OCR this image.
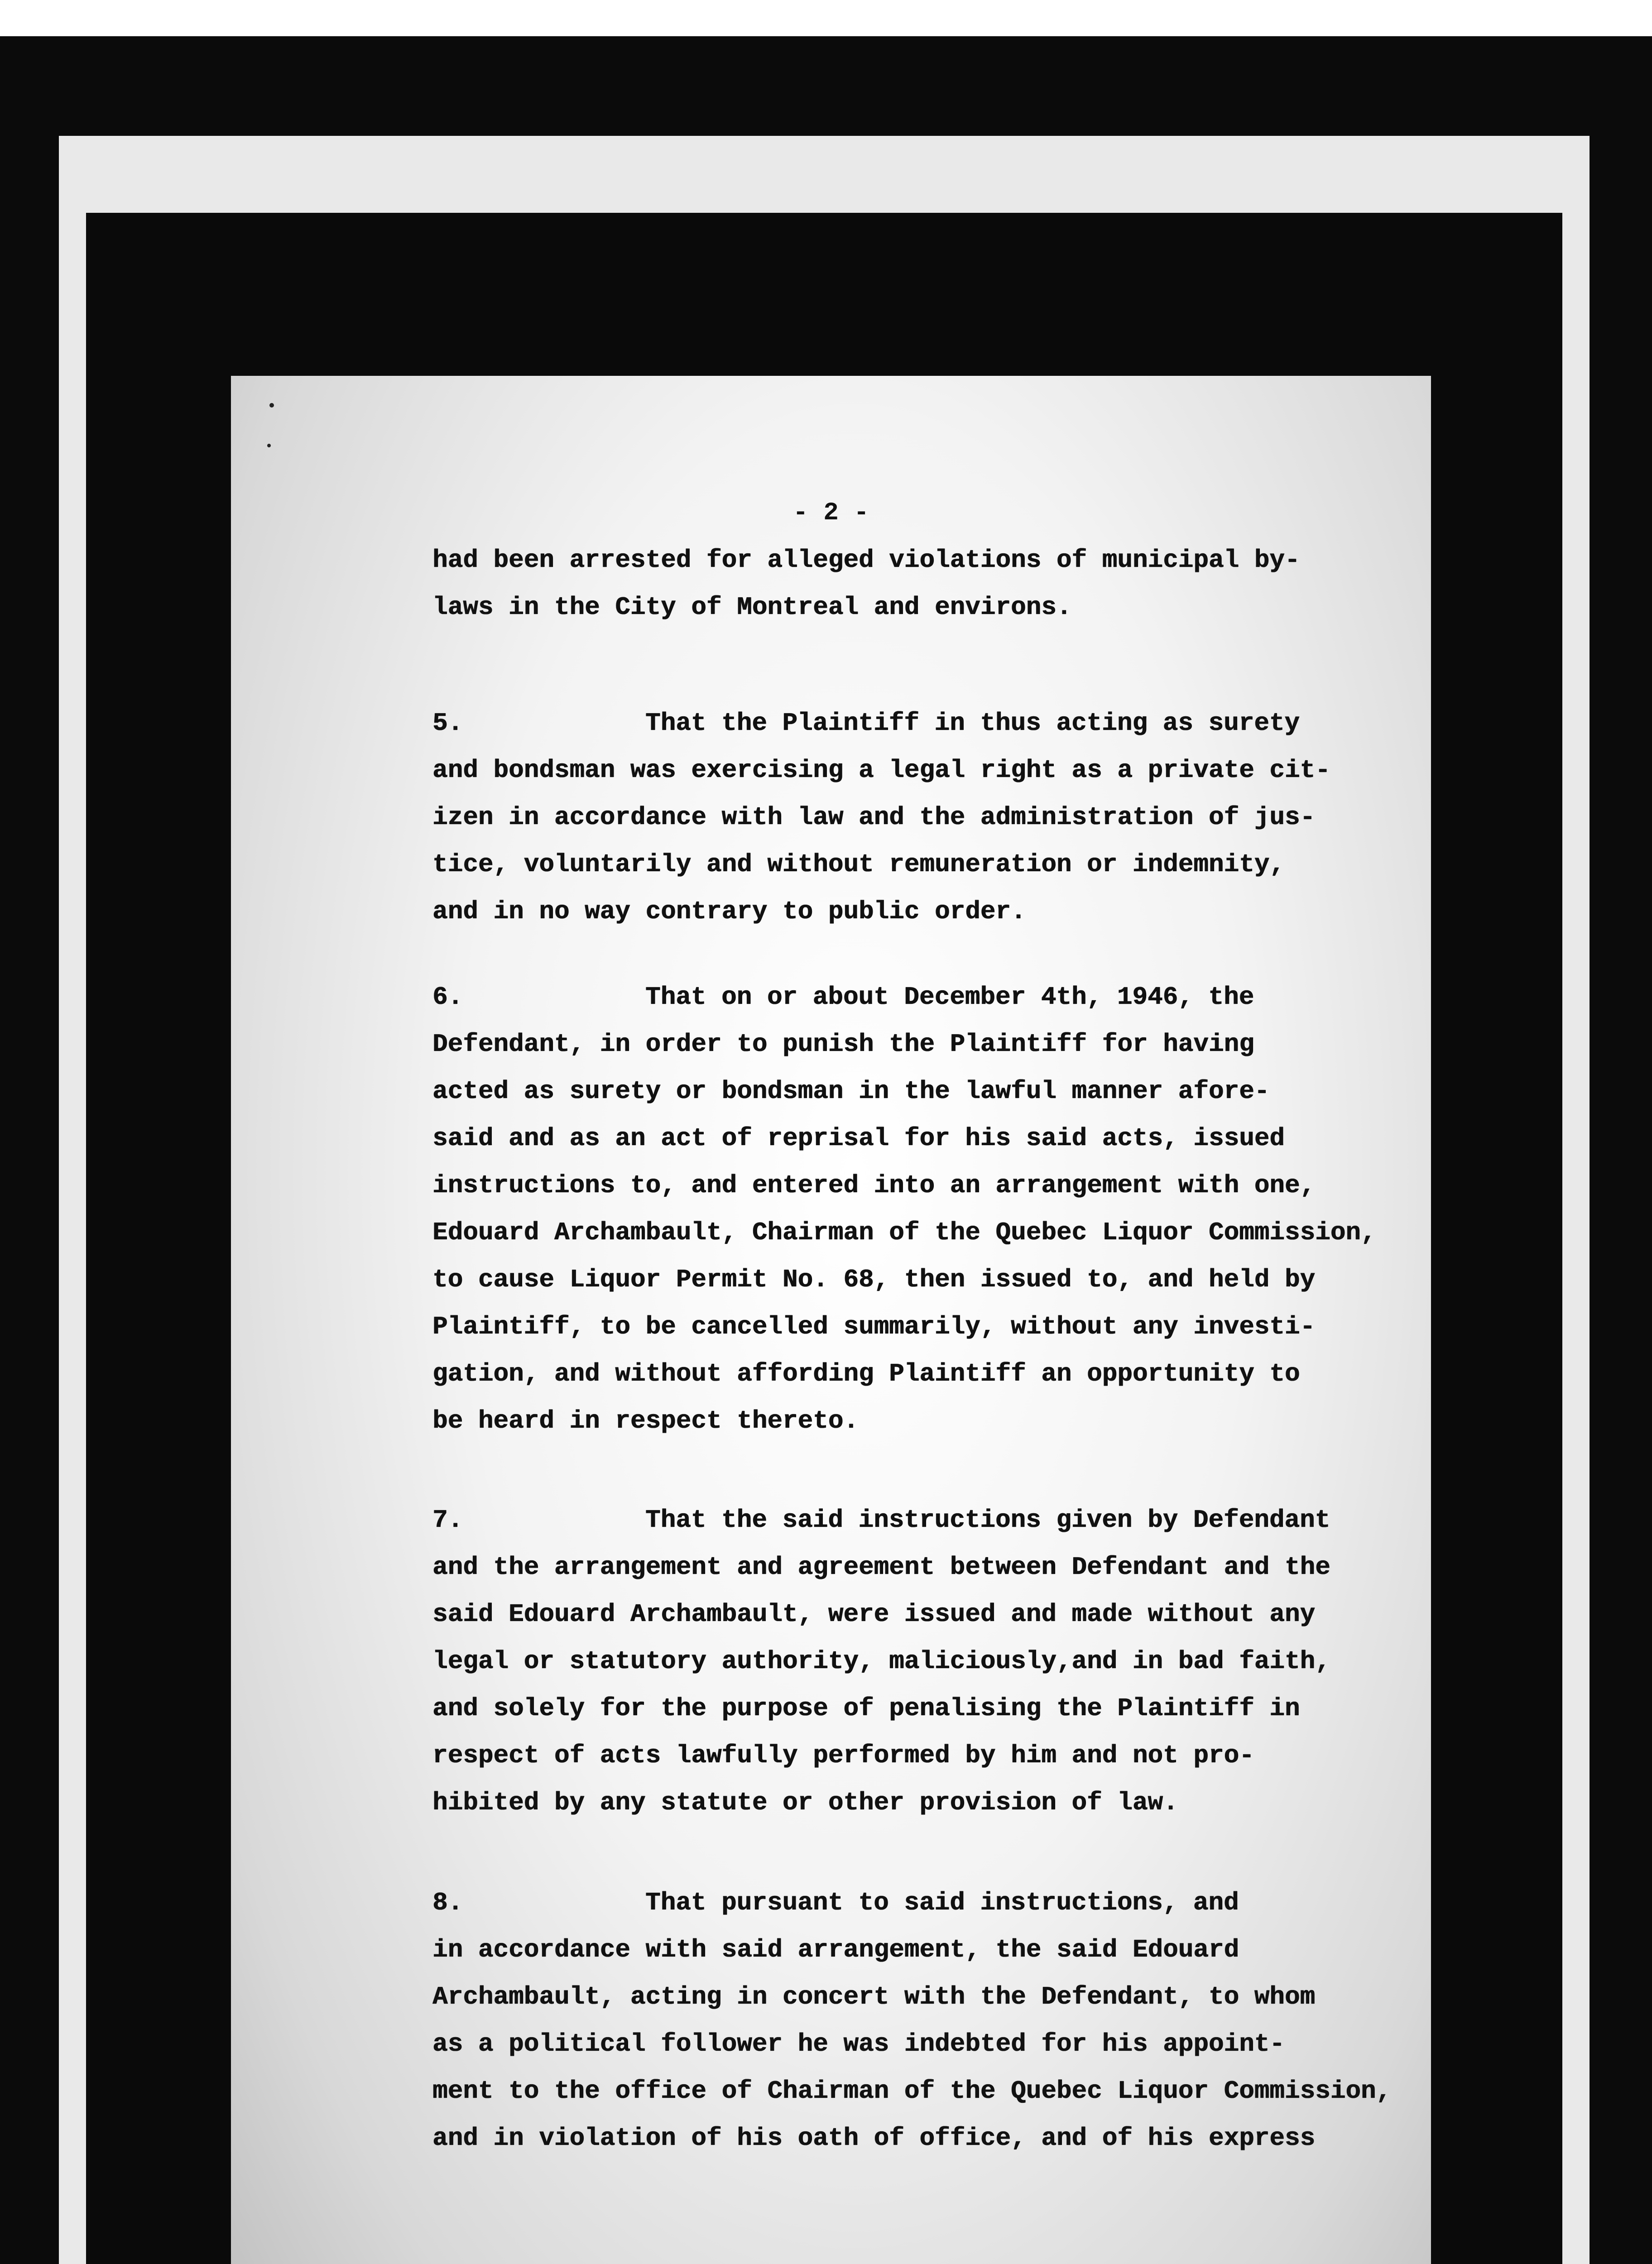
- 2 -
had been arrested for alleged violations of municipal by-
laws in the City of Montreal and environs.
5.	That the Plaintiff in thus acting as surety
and bondsman was exercising a legal right as a private cit-
izen in accordance with law and the administration of jus-
tice, voluntarily and without remuneration or indemnity,
and in no way contrary to public order.
6.	That on or about December 4th, 1946, the
Defendant, in order to punish the Plaintiff for having
acted as surety or bondsman in the lawful manner afore-
said and as an act of reprisal for his said acts, issued
instructions to, and entered into an arrangement with one,
Edouard Archambault, Chairman of the Quebec Liquor Commission,
to cause Liquor Permit No. 68, then issued to, and held by
Plaintiff, to be cancelled summarily, without any investi-
gation, and without affording Plaintiff an opportunity to
be heard in respect thereto.
7.	That the said instructions given by Defendant
and the arrangement and agreement between Defendant and the
said Edouard Archambault, were issued and made without any
legal or statutory authority, maliciously,and in bad faith,
and solely for the purpose of penalising the Plaintiff in
respect of acts lawfully performed by him and not pro-
hibited by any statute or other provision of law.
8.	That pursuant to said instructions, and
in accordance with said arrangement, the said Edouard
Archambault, acting in concert with the Defendant, to whom
as a political follower he was indebted for his appoint-
ment to the office of Chairman of the Quebec Liquor Commission,
and in violation of his oath of office, and of his express
